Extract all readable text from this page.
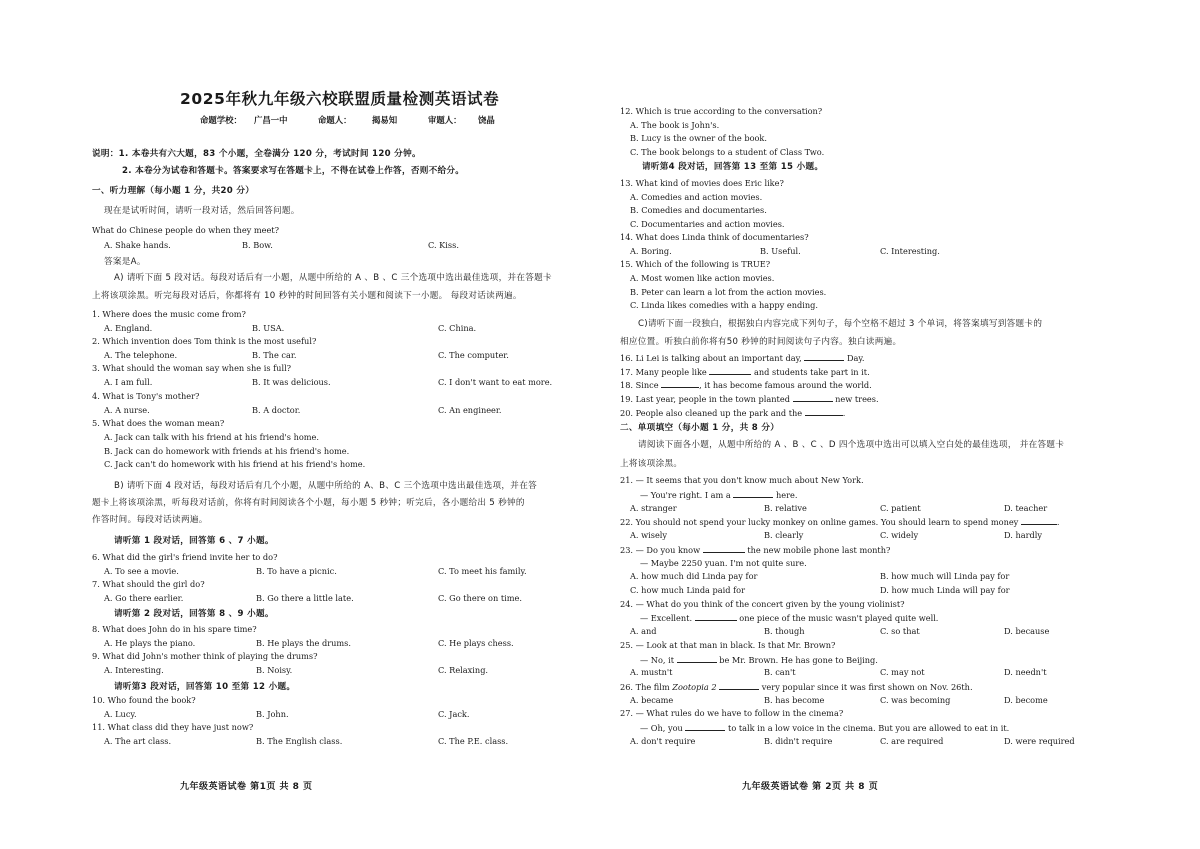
2025年秋九年级六校联盟质量检测英语试卷
命题学校： 广昌一中	命题人： 揭易知	审题人： 饶晶
说明：1. 本卷共有六大题，83 个小题，全卷满分 120 分，考试时间 120 分钟。
2. 本卷分为试卷和答题卡。答案要求写在答题卡上，不得在试卷上作答，否则不给分。
一、听力理解（每小题 1 分，共20 分）
现在是试听时间，请听一段对话，然后回答问题。
What do Chinese people do when they meet?
A. Shake hands.	B. Bow.	C. Kiss.
答案是A。
A) 请听下面 5 段对话。每段对话后有一小题，从题中所给的 A 、B 、C 三个选项中选出最佳选项，并在答题卡
上将该项涂黑。听完每段对话后，你都将有 10 秒钟的时间回答有关小题和阅读下一小题。 每段对话读两遍。
1. Where does the music come from?
A. England.	B. USA.	C. China.
2. Which invention does Tom think is the most useful?
A. The telephone.	B. The car.	C. The computer.
3. What should the woman say when she is full?
A. I am full.	B. It was delicious.	C. I don't want to eat more.
4. What is Tony's mother?
A. A nurse.	B. A doctor.	C. An engineer.
5. What does the woman mean?
A. Jack can talk with his friend at his friend's home.
B. Jack can do homework with friends at his friend's home.
C. Jack can't do homework with his friend at his friend's home.
B) 请听下面 4 段对话，每段对话后有几个小题，从题中所给的 A、B、C 三个选项中选出最佳选项，并在答
题卡上将该项涂黑，听每段对话前，你将有时间阅读各个小题，每小题 5 秒钟；听完后，各小题给出 5 秒钟的
作答时间。每段对话读两遍。
请听第 1 段对话，回答第 6 、7 小题。
6. What did the girl's friend invite her to do?
A. To see a movie.	B. To have a picnic.	C. To meet his family.
7. What should the girl do?
A. Go there earlier.	B. Go there a little late.	C. Go there on time.
请听第 2 段对话，回答第 8 、9 小题。
8. What does John do in his spare time?
A. He plays the piano.	B. He plays the drums.	C. He plays chess.
9. What did John's mother think of playing the drums?
A. Interesting.	B. Noisy.	C. Relaxing.
请听第3 段对话，回答第 10 至第 12 小题。
10. Who found the book?
A. Lucy.	B. John.	C. Jack.
11. What class did they have just now?
A. The art class.	B. The English class.	C. The P.E. class.
九年级英语试卷 第1页 共 8 页
12. Which is true according to the conversation?
A. The book is John's.
B. Lucy is the owner of the book.
C. The book belongs to a student of Class Two.
请听第4 段对话，回答第 13 至第 15 小题。
13. What kind of movies does Eric like?
A. Comedies and action movies.
B. Comedies and documentaries.
C. Documentaries and action movies.
14. What does Linda think of documentaries?
A. Boring.	B. Useful.	C. Interesting.
15. Which of the following is TRUE?
A. Most women like action movies.
B. Peter can learn a lot from the action movies.
C. Linda likes comedies with a happy ending.
C)请听下面一段独白，根据独白内容完成下列句子，每个空格不超过 3 个单词，将答案填写到答题卡的
相应位置。听独白前你将有50 秒钟的时间阅读句子内容。独白读两遍。
16. Li Lei is talking about an important day,	Day.
17. Many people like	and students take part in it.
18. Since	, it has become famous around the world.
19. Last year, people in the town planted	new trees.
20. People also cleaned up the park and the	.
二、单项填空（每小题 1 分，共 8 分）
请阅读下面各小题，从题中所给的 A 、B 、C 、D 四个选项中选出可以填入空白处的最佳选项， 并在答题卡
上将该项涂黑。
21. — It seems that you don't know much about New York.
— You're right. I am a	here.
A. stranger	B. relative	C. patient	D. teacher
22. You should not spend your lucky monkey on online games. You should learn to spend money	.
A. wisely	B. clearly	C. widely	D. hardly
23. — Do you know	the new mobile phone last month?
— Maybe 2250 yuan. I'm not quite sure.
A. how much did Linda pay for	B. how much will Linda pay for
C. how much Linda paid for	D. how much Linda will pay for
24. — What do you think of the concert given by the young violinist?
— Excellent.	one piece of the music wasn't played quite well.
A. and	B. though	C. so that	D. because
25. — Look at that man in black. Is that Mr. Brown?
— No, it	be Mr. Brown. He has gone to Beijing.
A. mustn't	B. can't	C. may not	D. needn't
26. The film Zootopia 2	very popular since it was first shown on Nov. 26th.
A. became	B. has become	C. was becoming	D. become
27. — What rules do we have to follow in the cinema?
— Oh, you	to talk in a low voice in the cinema. But you are allowed to eat in it.
A. don't require	B. didn't require	C. are required	D. were required
九年级英语试卷 第 2页 共 8 页
